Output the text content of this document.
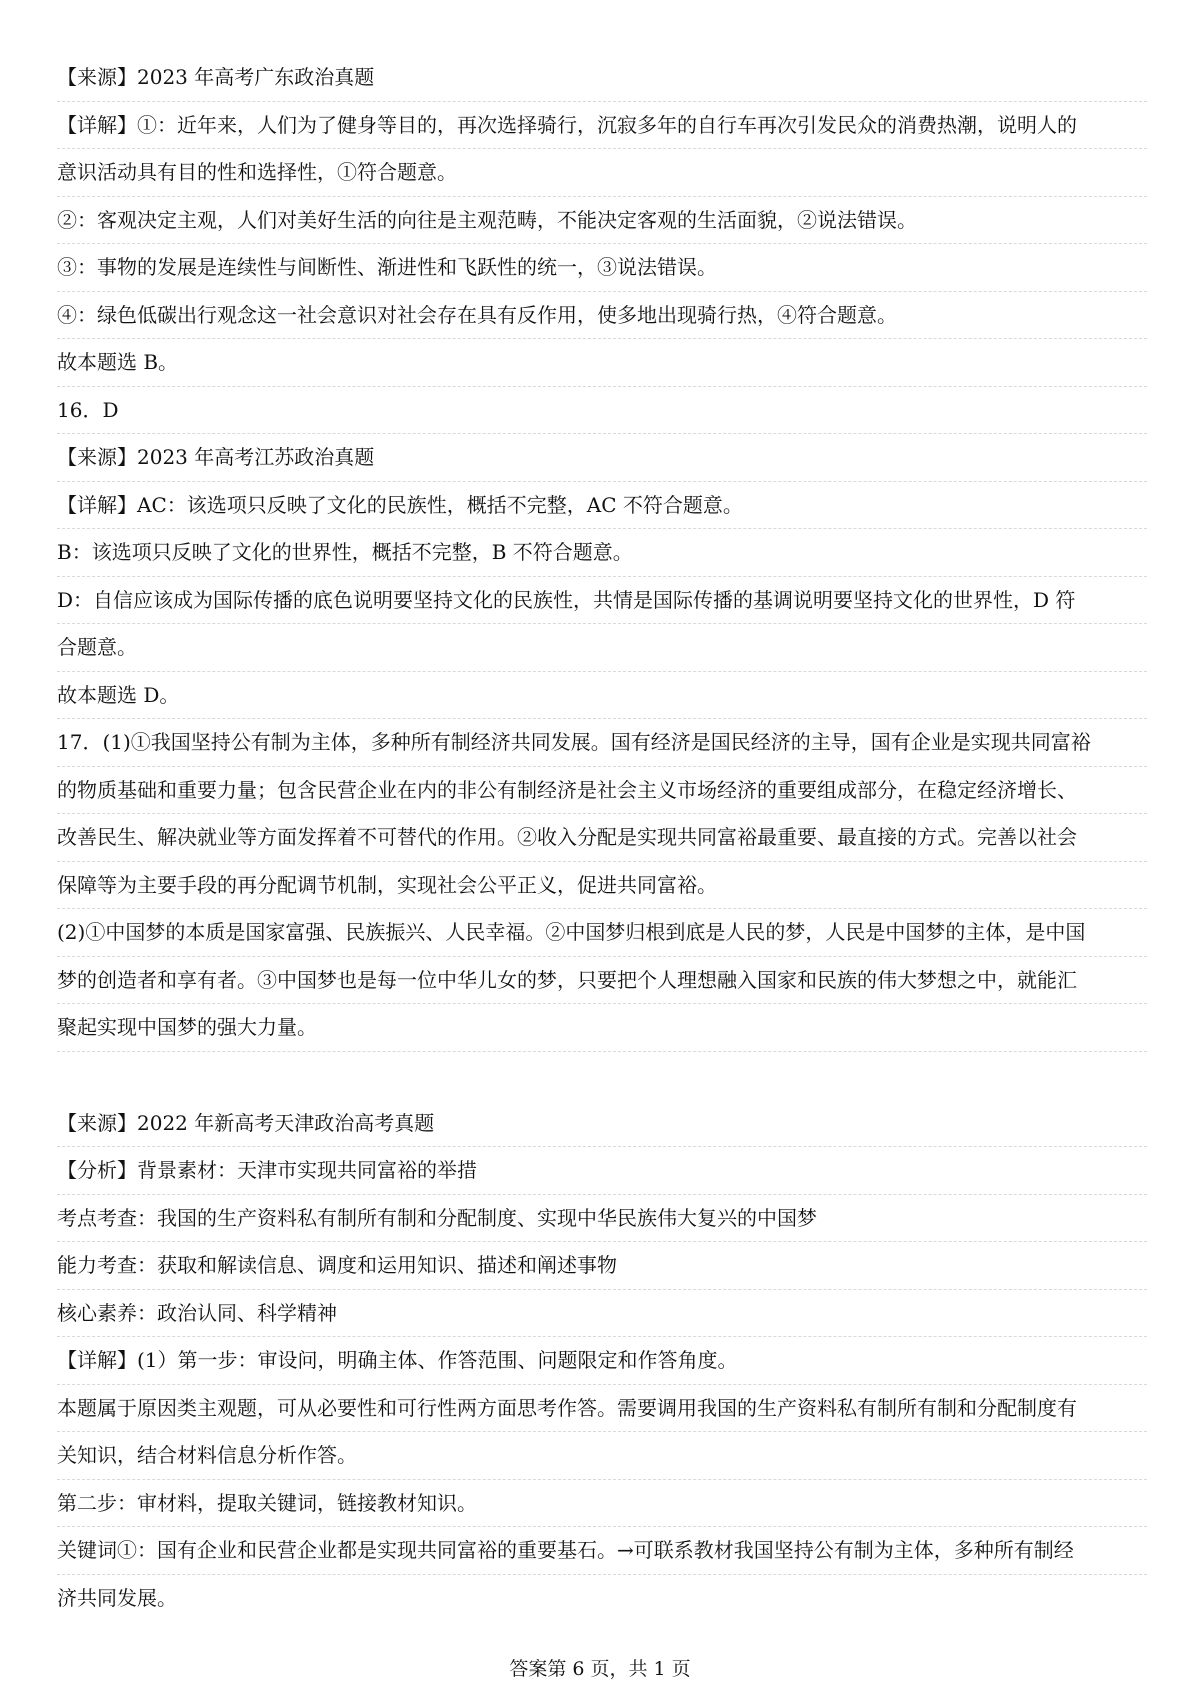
【来源】2023 年高考广东政治真题
【详解】①：近年来，人们为了健身等目的，再次选择骑行，沉寂多年的自行车再次引发民众的消费热潮，说明人的
意识活动具有目的性和选择性，①符合题意。
②：客观决定主观，人们对美好生活的向往是主观范畴，不能决定客观的生活面貌，②说法错误。
③：事物的发展是连续性与间断性、渐进性和飞跃性的统一，③说法错误。
④：绿色低碳出行观念这一社会意识对社会存在具有反作用，使多地出现骑行热，④符合题意。
故本题选 B。
16．D
【来源】2023 年高考江苏政治真题
【详解】AC：该选项只反映了文化的民族性，概括不完整，AC 不符合题意。
B：该选项只反映了文化的世界性，概括不完整，B 不符合题意。
D：自信应该成为国际传播的底色说明要坚持文化的民族性，共情是国际传播的基调说明要坚持文化的世界性，D 符
合题意。
故本题选 D。
17．(1)①我国坚持公有制为主体，多种所有制经济共同发展。国有经济是国民经济的主导，国有企业是实现共同富裕
的物质基础和重要力量；包含民营企业在内的非公有制经济是社会主义市场经济的重要组成部分，在稳定经济增长、
改善民生、解决就业等方面发挥着不可替代的作用。②收入分配是实现共同富裕最重要、最直接的方式。完善以社会
保障等为主要手段的再分配调节机制，实现社会公平正义，促进共同富裕。
(2)①中国梦的本质是国家富强、民族振兴、人民幸福。②中国梦归根到底是人民的梦，人民是中国梦的主体，是中国
梦的创造者和享有者。③中国梦也是每一位中华儿女的梦，只要把个人理想融入国家和民族的伟大梦想之中，就能汇
聚起实现中国梦的强大力量。
【来源】2022 年新高考天津政治高考真题
【分析】背景素材：天津市实现共同富裕的举措
考点考查：我国的生产资料私有制所有制和分配制度、实现中华民族伟大复兴的中国梦
能力考查：获取和解读信息、调度和运用知识、描述和阐述事物
核心素养：政治认同、科学精神
【详解】(1）第一步：审设问，明确主体、作答范围、问题限定和作答角度。
本题属于原因类主观题，可从必要性和可行性两方面思考作答。需要调用我国的生产资料私有制所有制和分配制度有
关知识，结合材料信息分析作答。
第二步：审材料，提取关键词，链接教材知识。
关键词①：国有企业和民营企业都是实现共同富裕的重要基石。→可联系教材我国坚持公有制为主体，多种所有制经
济共同发展。
答案第 6 页，共 1 页
